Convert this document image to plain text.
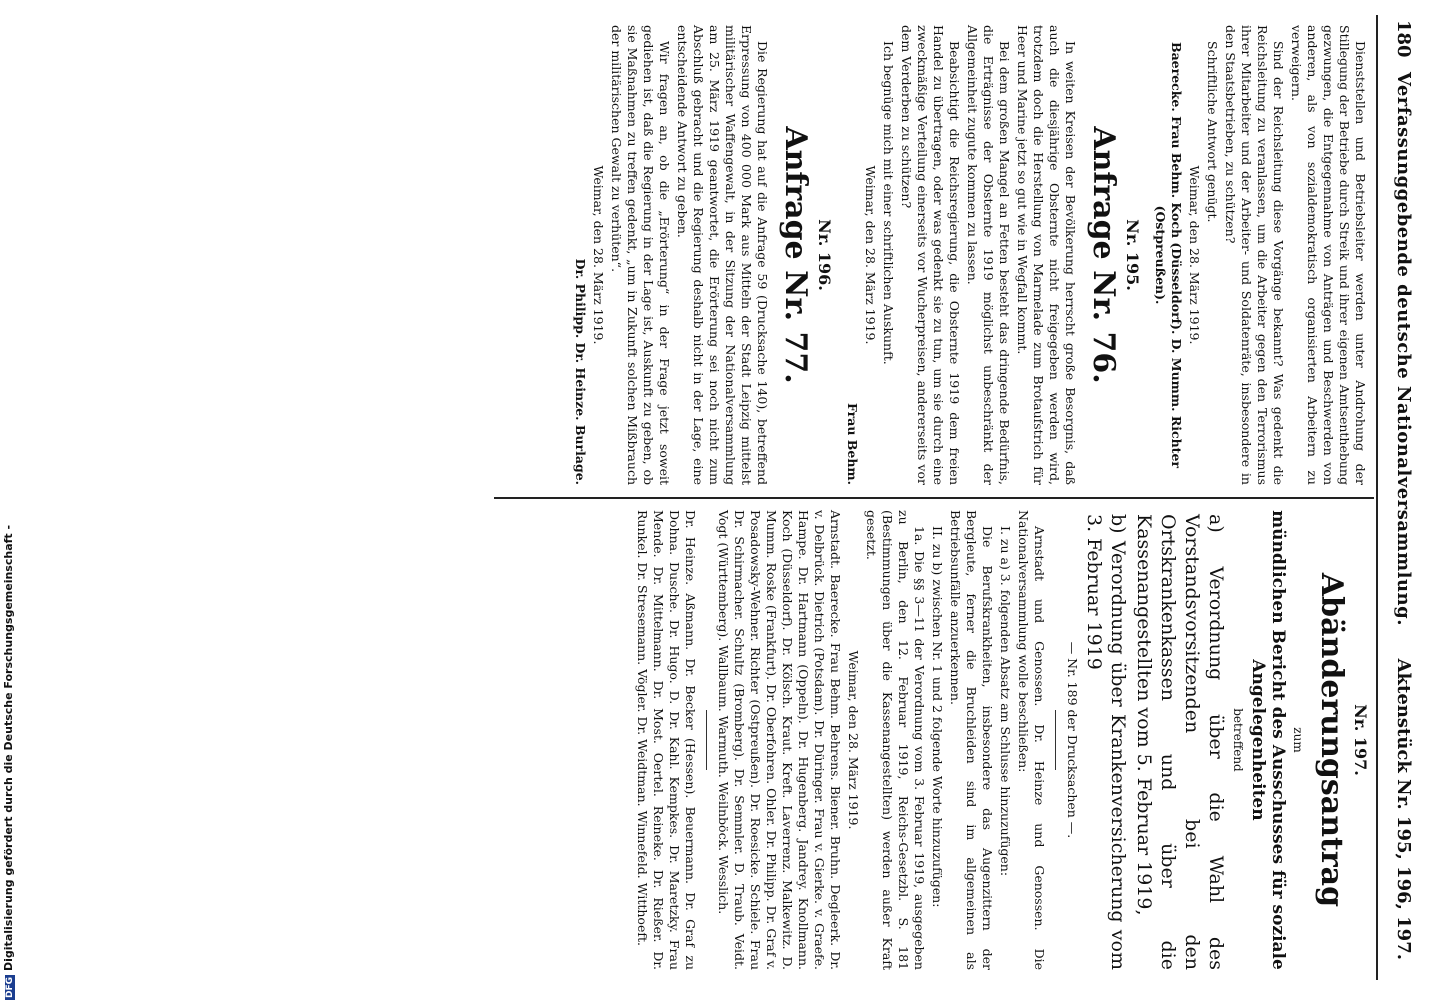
180
Verfassunggebende deutsche Nationalversammlung.
Aktenstück Nr. 195, 196, 197.

Dienststellen und Betriebsleiter werden unter Androhung der Stillegung der Betriebe durch Streik und ihrer eigenen Amtsenthebung gezwungen, die Entgegennahme von Anträgen und Beschwerden von anderen, als von sozialdemokratisch organisierten Arbeitern zu verweigern.

Sind der Reichsleitung diese Vorgänge bekannt? Was gedenkt die Reichsleitung zu veranlassen, um die Arbeiter gegen den Terrorismus ihrer Mitarbeiter und der Arbeiter- und Soldatenräte, insbesondere in den Staatsbetrieben, zu schützen?

Schriftliche Antwort genügt.

Weimar, den 28. März 1919.

Baerecke. Frau Behm. Koch (Düsseldorf). D. Mumm. Richter (Ostpreußen).

Nr. 195.

Anfrage Nr. 76.

In weiten Kreisen der Bevölkerung herrscht große Besorgnis, daß auch die diesjährige Obsternte nicht freigegeben werden wird, trotzdem doch die Herstellung von Marmelade zum Brotaufstrich für Heer und Marine jetzt so gut wie in Wegfall kommt.

Bei dem großen Mangel an Fetten besteht das dringende Bedürfnis, die Erträgnisse der Obsternte 1919 möglichst unbeschränkt der Allgemeinheit zugute kommen zu lassen.

Beabsichtigt die Reichsregierung, die Obsternte 1919 dem freien Handel zu übertragen, oder was gedenkt sie zu tun, um sie durch eine zweckmäßige Verteilung einerseits vor Wucherpreisen, andererseits vor dem Verderben zu schützen?

Ich begnüge mich mit einer schriftlichen Auskunft.

Weimar, den 28. März 1919.

Frau Behm.

Nr. 196.

Anfrage Nr. 77.

Die Regierung hat auf die Anfrage 59 (Drucksache 140), betreffend Erpressung von 400 000 Mark aus Mitteln der Stadt Leipzig mittelst militärischer Waffengewalt, in der Sitzung der Nationalversammlung am 25. März 1919 geantwortet, die Erörterung sei noch nicht zum Abschluß gebracht und die Regierung deshalb nicht in der Lage, eine entscheidende Antwort zu geben.

Wir fragen an, ob die „Erörterung“ in der Frage jetzt soweit gediehen ist, daß die Regierung in der Lage ist, Auskunft zu geben, ob sie Maßnahmen zu treffen gedenkt, „um in Zukunft solchen Mißbrauch der militärischen Gewalt zu verhüten“.

Weimar, den 28. März 1919.

Dr. Philipp. Dr. Heinze. Burlage.

Nr. 197.

Abänderungsantrag

zum

mündlichen Bericht des Ausschusses für soziale Angelegenheiten

betreffend

a) Verordnung über die Wahl des Vorstandsvorsitzenden bei den Ortskrankenkassen und über die Kassenangestellten vom 5. Februar 1919,

b) Verordnung über Krankenversicherung vom 3. Februar 1919

— Nr. 189 der Drucksachen —.

Arnstadt und Genossen. Dr. Heinze und Genossen. Die Nationalversammlung wolle beschließen:

I. zu a) 3. folgenden Absatz am Schlusse hinzuzufügen:

Die Berufskrankheiten, insbesondere das Augenzittern der Bergleute, ferner die Bruchleiden sind im allgemeinen als Betriebsunfälle anzuerkennen.

II. zu b) zwischen Nr. 1 und 2 folgende Worte hinzuzufügen:

1a. Die §§ 3—11 der Verordnung vom 3. Februar 1919, ausgegeben zu Berlin, den 12. Februar 1919, Reichs-Gesetzbl. S. 181 (Bestimmungen über die Kassenangestellten) werden außer Kraft gesetzt.

Weimar, den 28. März 1919.

Arnstadt. Baerecke. Frau Behm. Behrens. Biener. Bruhn. Degleerk. Dr. v. Delbrück. Dietrich (Potsdam). Dr. Düringer. Frau v. Gierke. v. Graefe. Hampe. Dr. Hartmann (Oppeln). Dr. Hugenberg. Jandrey. Knollmann. Koch (Düsseldorf). Dr. Kölsch. Kraut. Kreft. Laverrenz. Malkewitz. D. Mumm. Roske (Frankfurt). Dr. Oberfohren. Ohler. Dr. Philipp. Dr. Graf v. Posadowsky-Wehner. Richter (Ostpreußen). Dr. Roesicke. Schiele. Frau Dr. Schirmacher. Schultz (Bromberg). Dr. Semmler. D. Traub. Veidt. Vogt (Württemberg). Wallbaum. Warmuth. Weilnböck. Wesslich.

Dr. Heinze. Aßmann. Dr. Becker (Hessen). Beuermann. Dr. Graf zu Dohna. Dusche. Dr. Hugo. D. Dr. Kahl. Kempkes. Dr. Maretzky. Frau Mende. Dr. Mittelmann. Dr. Most. Oertel. Reineke. Dr. Rießer. Dr. Runkel. Dr. Stresemann. Vögler. Dr. Weidtman. Winnefeld. Witthoeft.

DFGDigitalisierung gefördert durch die Deutsche Forschungsgemeinschaft -
